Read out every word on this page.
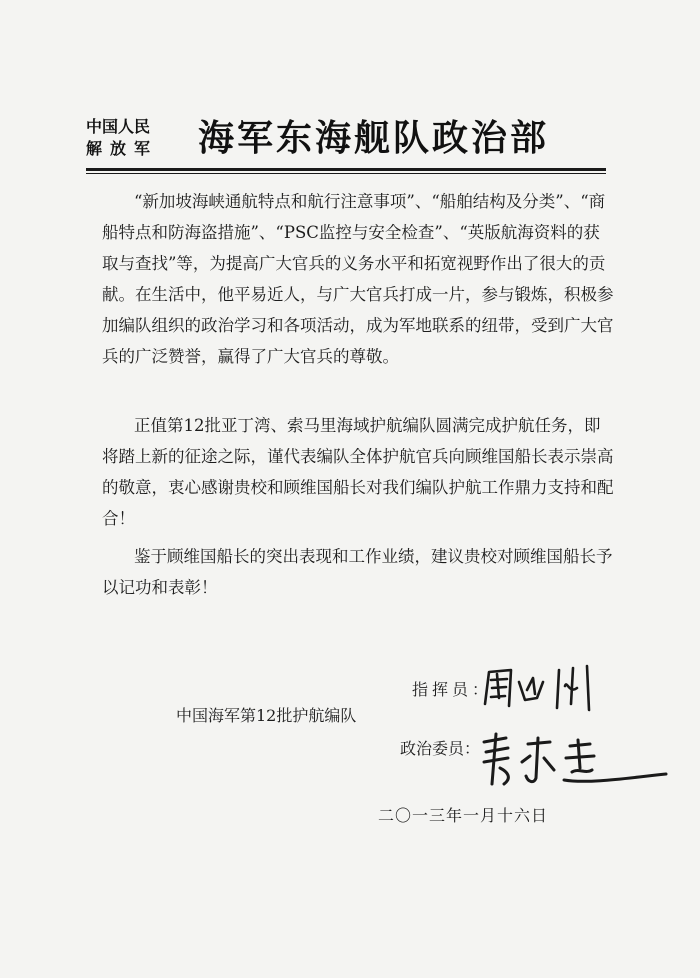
中国人民
解放军	海军东海舰队政治部

“新加坡海峡通航特点和航行注意事项”、“船舶结构及分类”、“商船特点和防海盗措施”、“PSC监控与安全检查”、“英版航海资料的获取与查找”等，为提高广大官兵的义务水平和拓宽视野作出了很大的贡献。在生活中，他平易近人，与广大官兵打成一片，参与锻炼，积极参加编队组织的政治学习和各项活动，成为军地联系的纽带，受到广大官兵的广泛赞誉，赢得了广大官兵的尊敬。

正值第12批亚丁湾、索马里海域护航编队圆满完成护航任务，即将踏上新的征途之际，谨代表编队全体护航官兵向顾维国船长表示崇高的敬意，衷心感谢贵校和顾维国船长对我们编队护航工作鼎力支持和配合！

鉴于顾维国船长的突出表现和工作业绩，建议贵校对顾维国船长予以记功和表彰！

指挥员：
中国海军第12批护航编队
政治委员：
二〇一三年一月十六日
